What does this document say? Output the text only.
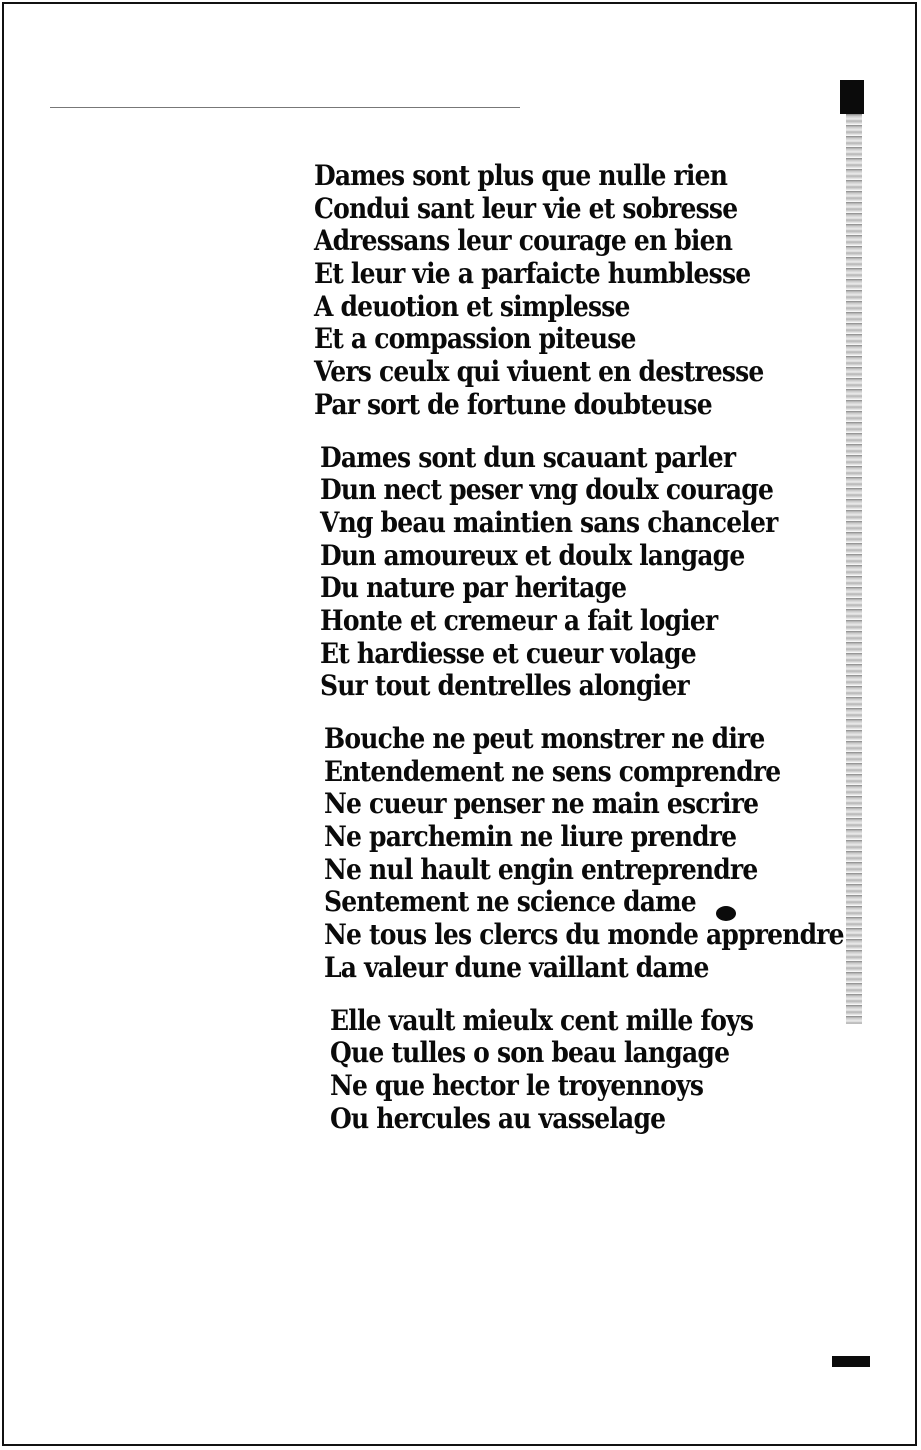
Dames sont plus que nulle rien
Condui sant leur vie et sobresse
Adressans leur courage en bien
Et leur vie a parfaicte humblesse
A deuotion et simplesse
Et a compassion piteuse
Vers ceulx qui viuent en destresse
Par sort de fortune doubteuse
Dames sont dun scauant parler
Dun nect peser vng doulx courage
Vng beau maintien sans chanceler
Dun amoureux et doulx langage
Du nature par heritage
Honte et cremeur a fait logier
Et hardiesse et cueur volage
Sur tout dentrelles alongier
Bouche ne peut monstrer ne dire
Entendement ne sens comprendre
Ne cueur penser ne main escrire
Ne parchemin ne liure prendre
Ne nul hault engin entreprendre
Sentement ne science dame
Ne tous les clercs du monde apprendre
La valeur dune vaillant dame
Elle vault mieulx cent mille foys
Que tulles o son beau langage
Ne que hector le troyennoys
Ou hercules au vasselage
